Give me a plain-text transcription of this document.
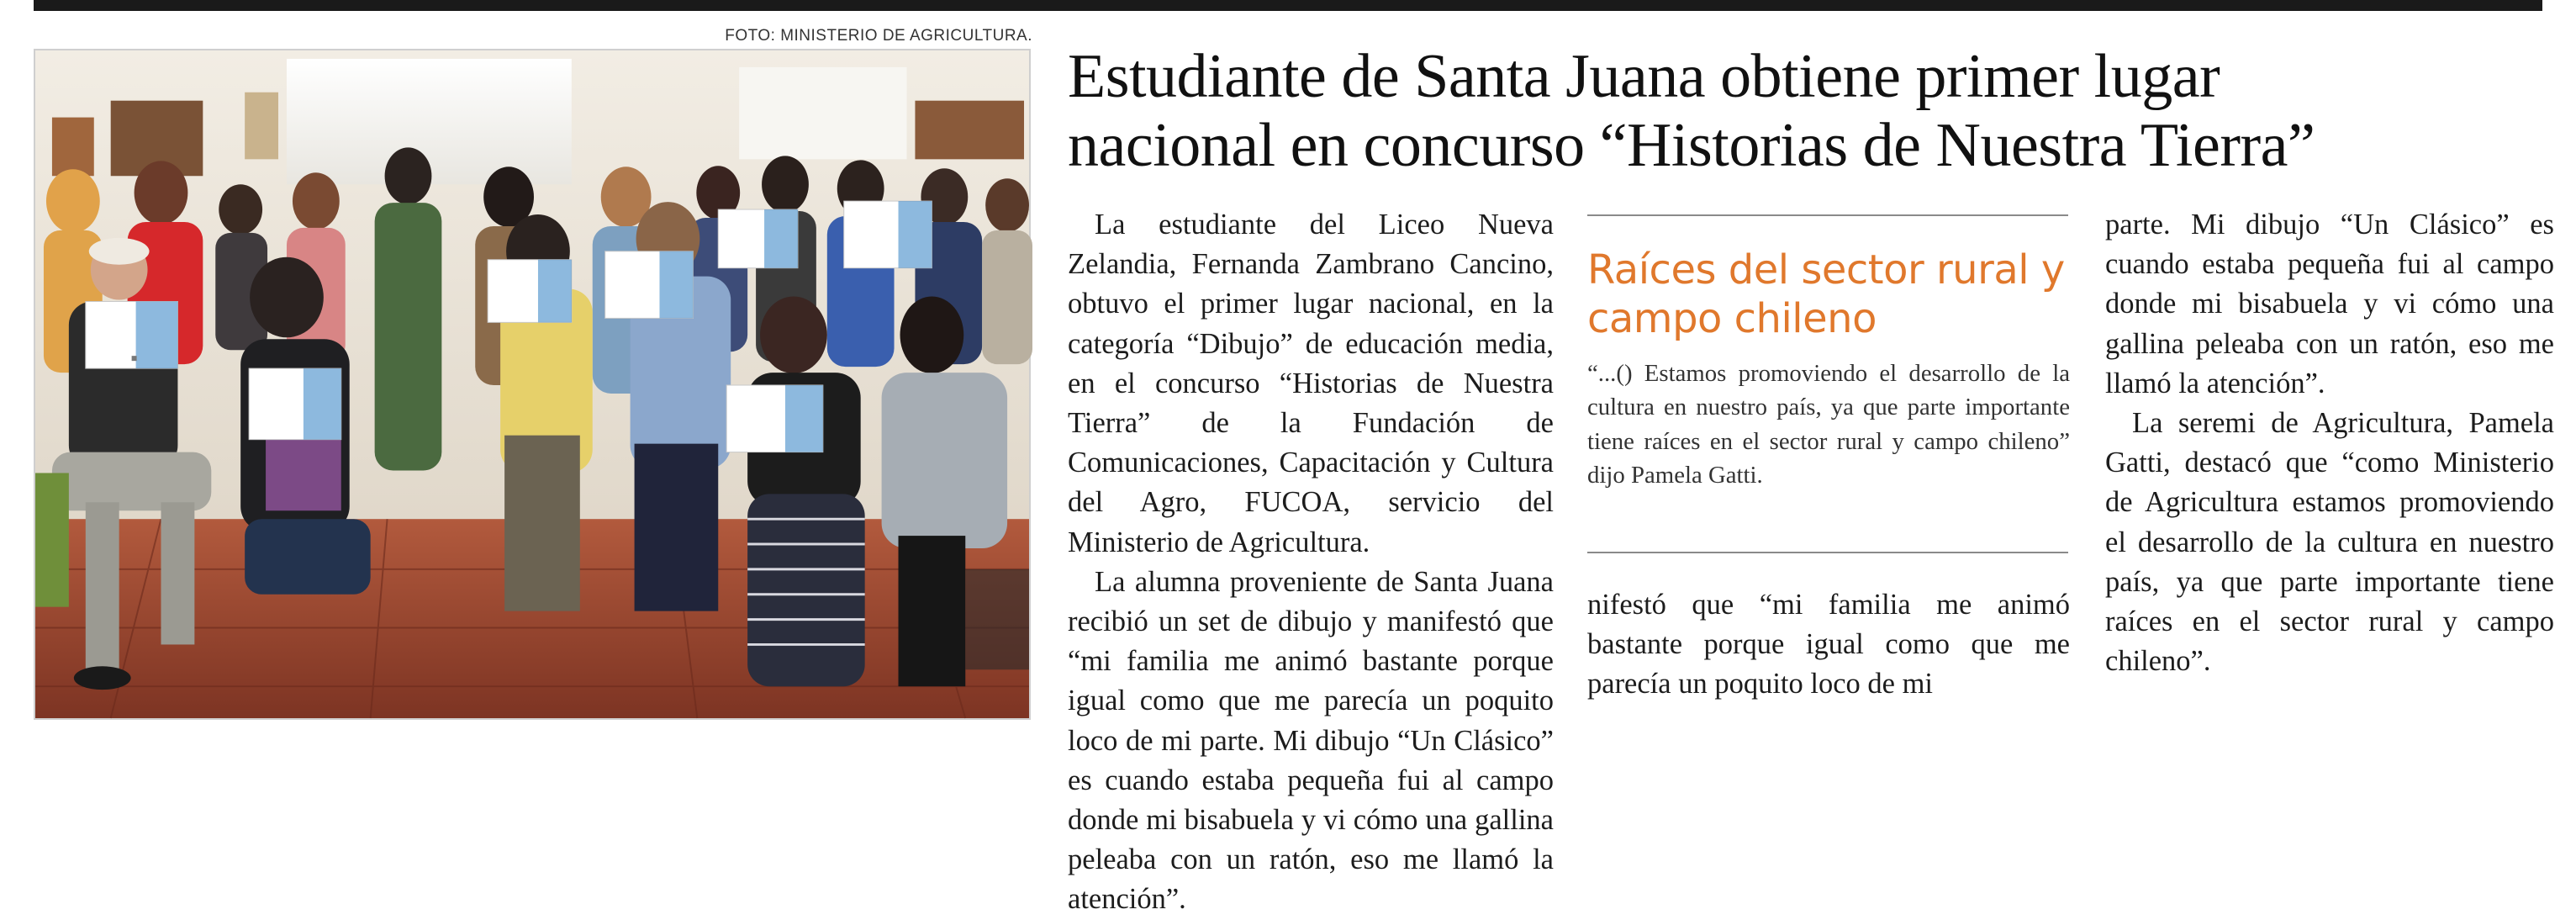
FOTO: MINISTERIO DE AGRICULTURA.
Estudiante de Santa Juana obtiene primer lugar
nacional en concurso “Historias de Nuestra Tierra”

La estudiante del Liceo Nueva Zelandia, Fernanda Zambrano Cancino, obtuvo el primer lugar nacional, en la categoría “Dibujo” de educación media, en el concurso “Historias de Nuestra Tierra” de la Fundación de Comunicaciones, Capacitación y Cultura del Agro, FUCOA, servicio del Ministerio de Agricultura.

La alumna proveniente de Santa Juana recibió un set de dibujo y manifestó que “mi familia me animó bastante porque igual como que me parecía un poquito loco de mi parte. Mi dibujo “Un Clásico” es cuando estaba pequeña fui al campo donde mi bisabuela y vi cómo una gallina peleaba con un ratón, eso me llamó la atención”.

Raíces del sector rural y campo chileno

“...() Estamos promoviendo el desarrollo de la cultura en nuestro país, ya que parte importante tiene raíces en el sector rural y campo chileno” dijo Pamela Gatti.

nifestó que “mi familia me animó bastante porque igual como que me parecía un poquito loco de mi

parte. Mi dibujo “Un Clásico” es cuando estaba pequeña fui al campo donde mi bisabuela y vi cómo una gallina peleaba con un ratón, eso me llamó la atención”.

La seremi de Agricultura, Pamela Gatti, destacó que “como Ministerio de Agricultura estamos promoviendo el desarrollo de la cultura en nuestro país, ya que parte importante tiene raíces en el sector rural y campo chileno”.
